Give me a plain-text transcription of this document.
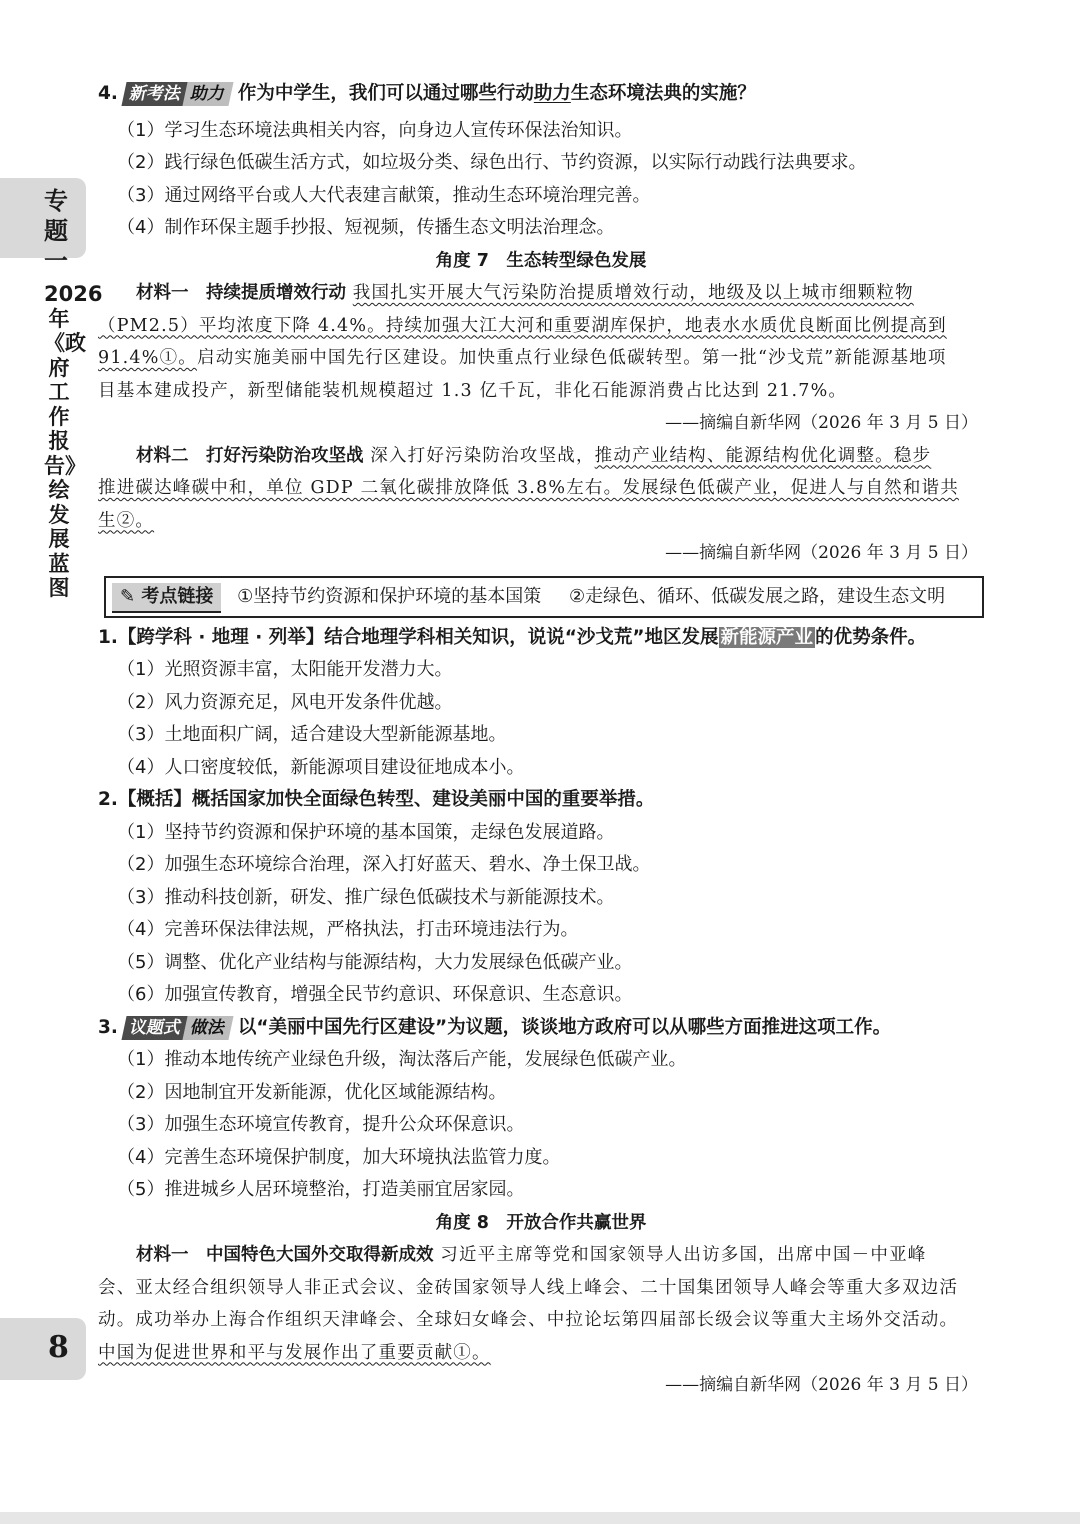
专题一
2026年《政府工作报告》绘发展蓝图
8
4. 新考法 助力 作为中学生，我们可以通过哪些行动助力生态环境法典的实施？
（1）学习生态环境法典相关内容，向身边人宣传环保法治知识。
（2）践行绿色低碳生活方式，如垃圾分类、绿色出行、节约资源，以实际行动践行法典要求。
（3）通过网络平台或人大代表建言献策，推动生态环境治理完善。
（4）制作环保主题手抄报、短视频，传播生态文明法治理念。
角度 7　生态转型绿色发展
材料一　持续提质增效行动 我国扎实开展大气污染防治提质增效行动，地级及以上城市细颗粒物
（PM2.5）平均浓度下降 4.4%。持续加强大江大河和重要湖库保护，地表水水质优良断面比例提高到
91.4%①。启动实施美丽中国先行区建设。加快重点行业绿色低碳转型。第一批“沙戈荒”新能源基地项
目基本建成投产，新型储能装机规模超过 1.3 亿千瓦，非化石能源消费占比达到 21.7%。
——摘编自新华网（2026 年 3 月 5 日）
材料二　打好污染防治攻坚战 深入打好污染防治攻坚战，推动产业结构、能源结构优化调整。稳步
推进碳达峰碳中和，单位 GDP 二氧化碳排放降低 3.8%左右。发展绿色低碳产业，促进人与自然和谐共
生②。
——摘编自新华网（2026 年 3 月 5 日）
✎ 考点链接 ①坚持节约资源和保护环境的基本国策 ②走绿色、循环、低碳发展之路，建设生态文明
1.【跨学科 · 地理 · 列举】结合地理学科相关知识，说说“沙戈荒”地区发展 新能源产业 的优势条件。
（1）光照资源丰富，太阳能开发潜力大。
（2）风力资源充足，风电开发条件优越。
（3）土地面积广阔，适合建设大型新能源基地。
（4）人口密度较低，新能源项目建设征地成本小。
2.【概括】概括国家加快全面绿色转型、建设美丽中国的重要举措。
（1）坚持节约资源和保护环境的基本国策，走绿色发展道路。
（2）加强生态环境综合治理，深入打好蓝天、碧水、净土保卫战。
（3）推动科技创新，研发、推广绿色低碳技术与新能源技术。
（4）完善环保法律法规，严格执法，打击环境违法行为。
（5）调整、优化产业结构与能源结构，大力发展绿色低碳产业。
（6）加强宣传教育，增强全民节约意识、环保意识、生态意识。
3. 议题式 做法 以“美丽中国先行区建设”为议题，谈谈地方政府可以从哪些方面推进这项工作。
（1）推动本地传统产业绿色升级，淘汰落后产能，发展绿色低碳产业。
（2）因地制宜开发新能源，优化区域能源结构。
（3）加强生态环境宣传教育，提升公众环保意识。
（4）完善生态环境保护制度，加大环境执法监管力度。
（5）推进城乡人居环境整治，打造美丽宜居家园。
角度 8　开放合作共赢世界
材料一　中国特色大国外交取得新成效 习近平主席等党和国家领导人出访多国，出席中国－中亚峰
会、亚太经合组织领导人非正式会议、金砖国家领导人线上峰会、二十国集团领导人峰会等重大多双边活
动。成功举办上海合作组织天津峰会、全球妇女峰会、中拉论坛第四届部长级会议等重大主场外交活动。
中国为促进世界和平与发展作出了重要贡献①。
——摘编自新华网（2026 年 3 月 5 日）
